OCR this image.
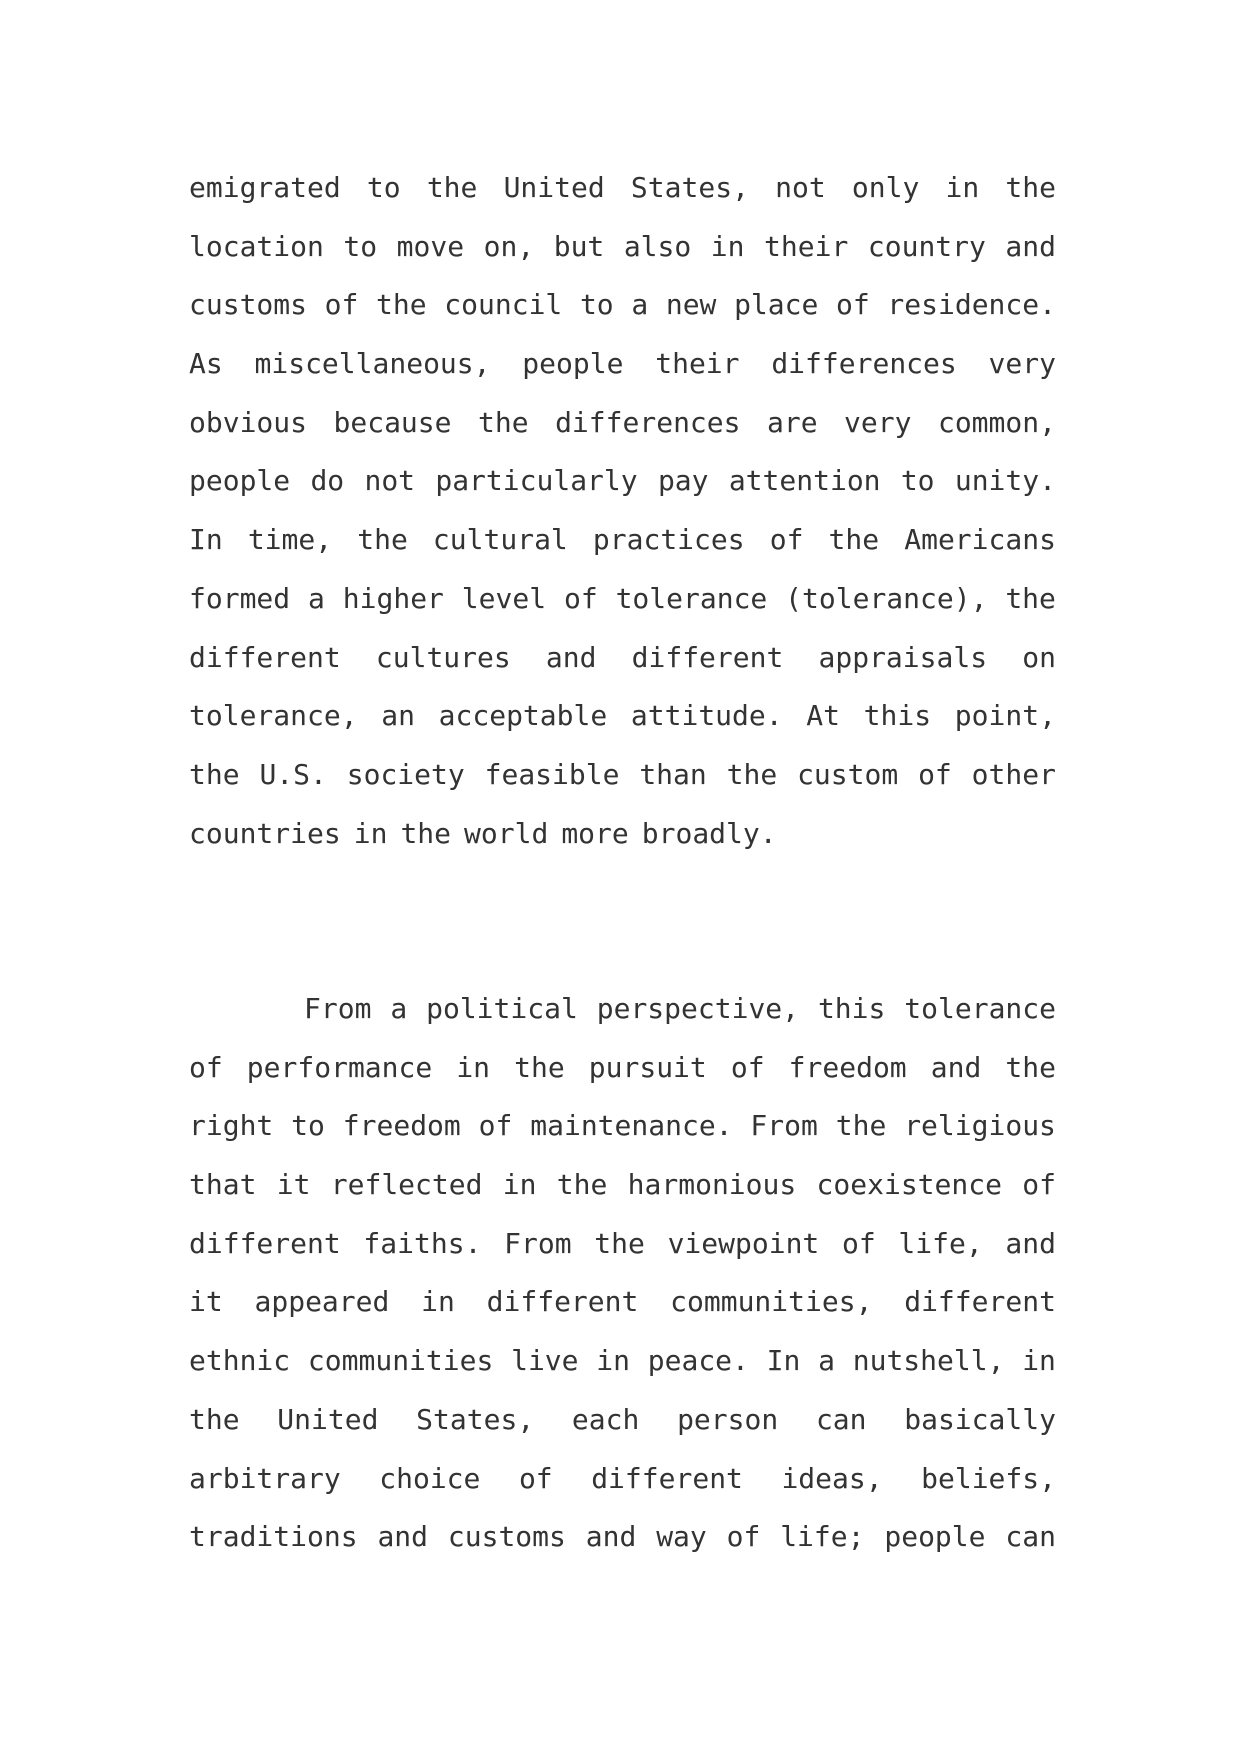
emigrated to the United States, not only in the
location to move on, but also in their country and
customs of the council to a new place of residence.
As miscellaneous, people their differences very
obvious because the differences are very common,
people do not particularly pay attention to unity.
In time, the cultural practices of the Americans
formed a higher level of tolerance (tolerance), the
different cultures and different appraisals on
tolerance, an acceptable attitude. At this point,
the U.S. society feasible than the custom of other
countries in the world more broadly.
From a political perspective, this tolerance
of performance in the pursuit of freedom and the
right to freedom of maintenance. From the religious
that it reflected in the harmonious coexistence of
different faiths. From the viewpoint of life, and
it appeared in different communities, different
ethnic communities live in peace. In a nutshell, in
the United States, each person can basically
arbitrary choice of different ideas, beliefs,
traditions and customs and way of life; people can
